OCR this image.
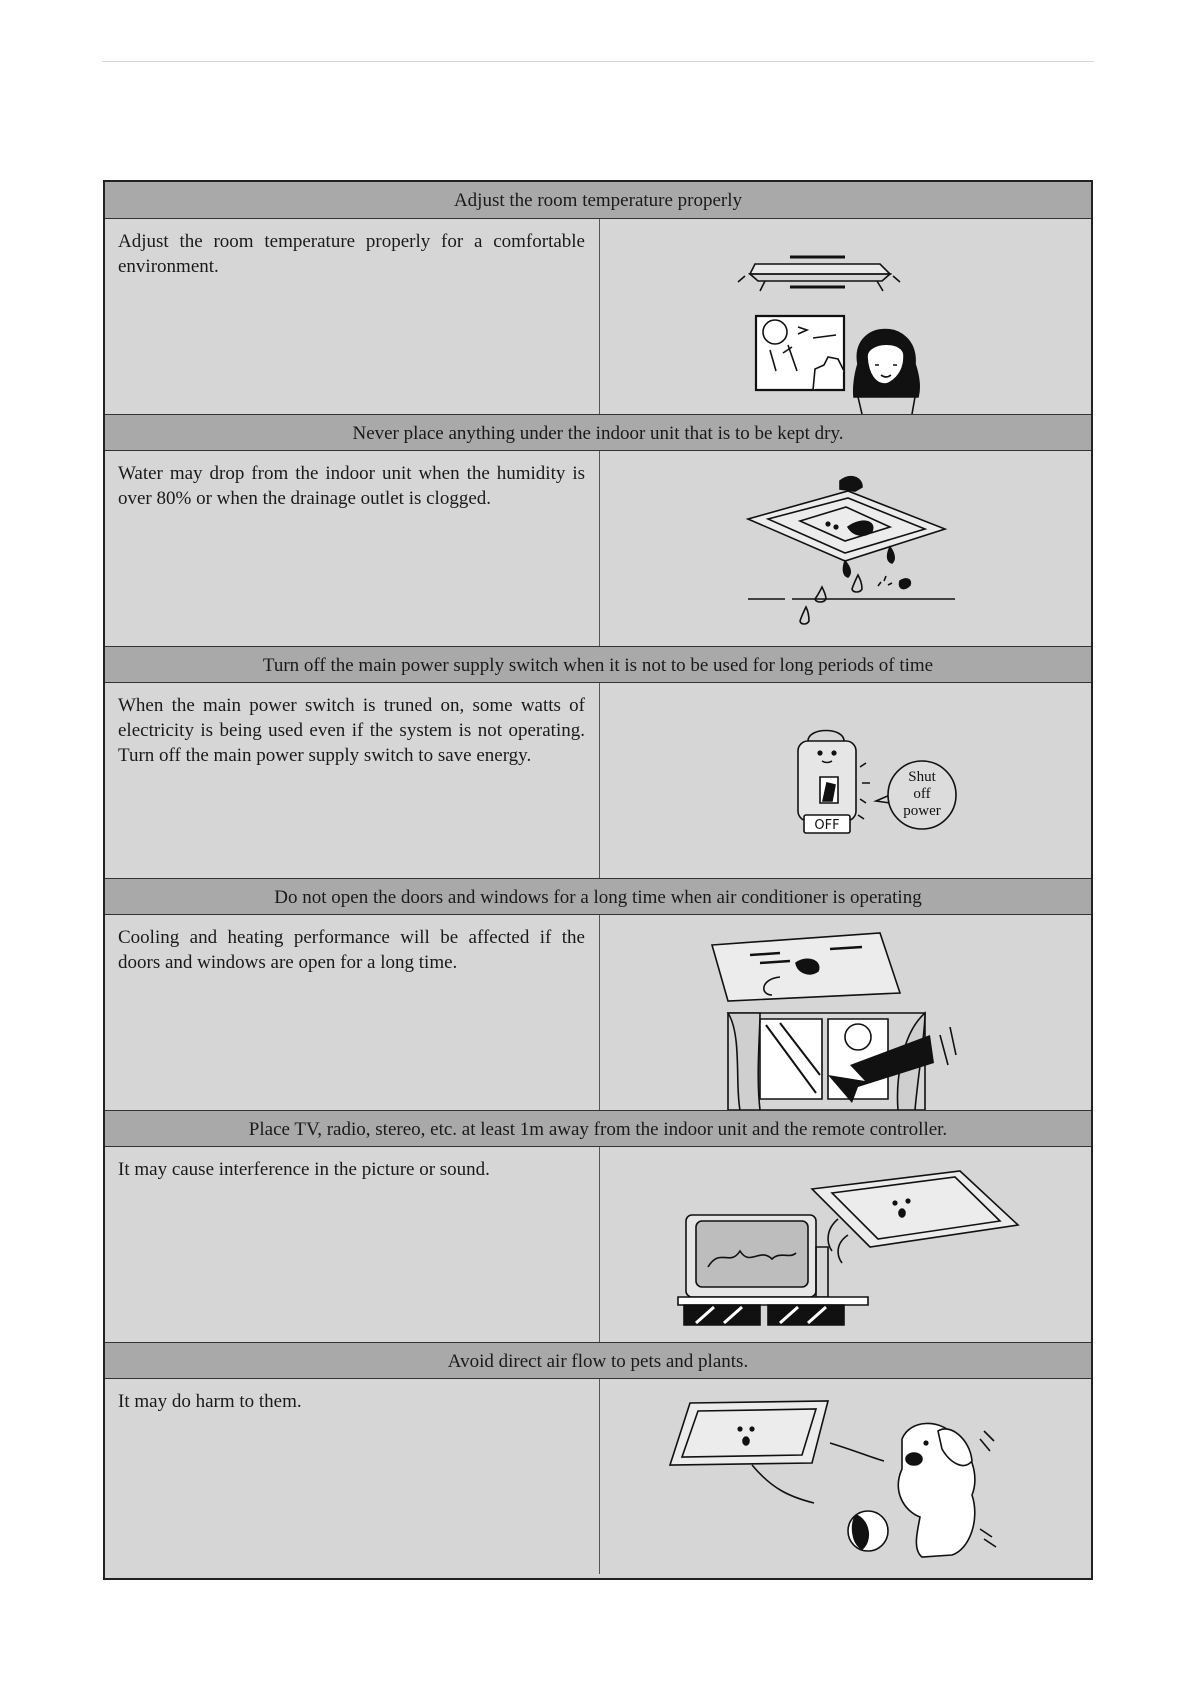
Adjust the room temperature properly
Adjust the room temperature properly for a comfortable environment.
Never place anything under the indoor unit that is to be kept dry.
Water may drop from the indoor unit when the humidity is over 80% or when the drainage outlet is clogged.
Turn off the main power supply switch when it is not to be used for long periods of time
When the main power switch is truned on, some watts of electricity is being used even if the system is not operating. Turn off the main power supply switch to save energy.
OFF
Shut
off
power
Do not open the doors and windows for a long time when air conditioner is operating
Cooling and heating performance will be affected if the doors and windows are open for a long time.
Place TV, radio, stereo, etc. at least 1m away from the indoor unit and the remote controller.
It may cause interference in the picture or sound.
Avoid direct air flow to pets and plants.
It may do harm to them.
